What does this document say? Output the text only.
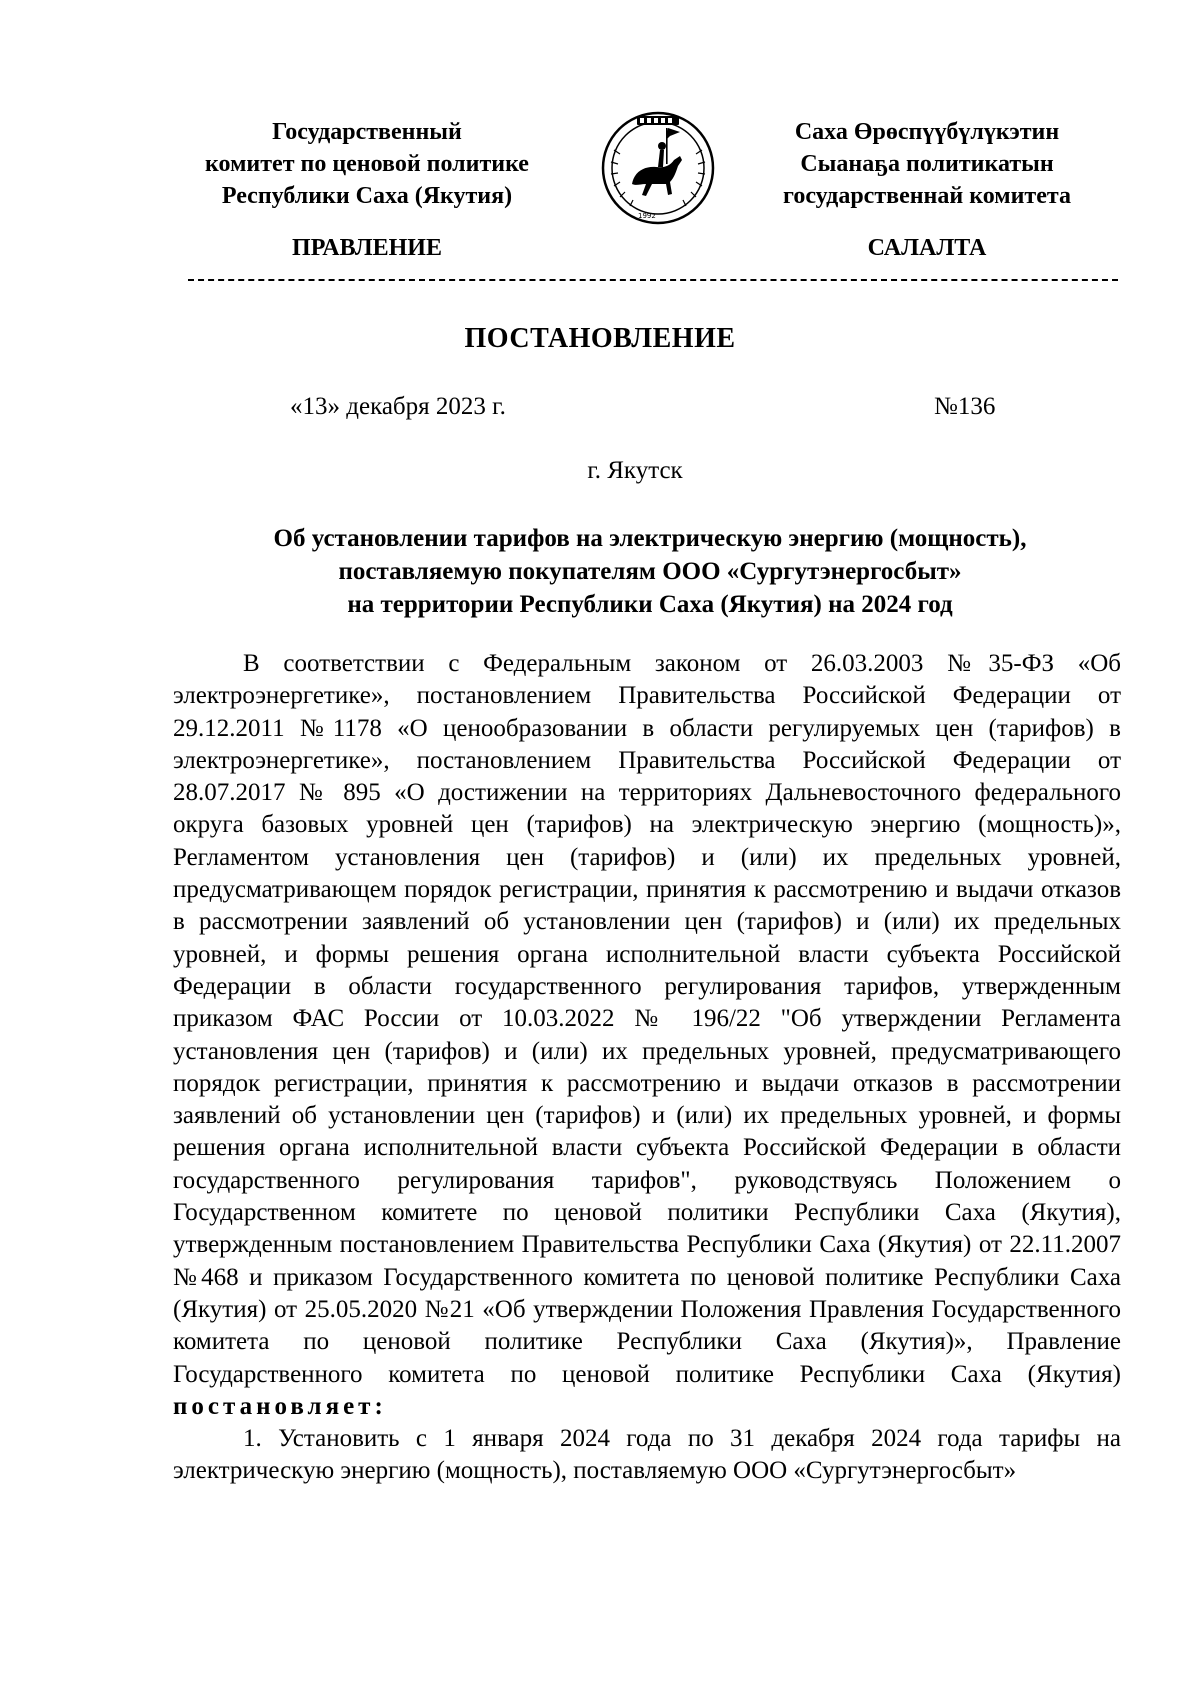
Государственный
комитет по ценовой политике
Республики Саха (Якутия)
1992
Саха Өрөспүүбүлүкэтин
Сыанаҕа политикатын
государственнай комитета
ПРАВЛЕНИЕ	САЛАЛТА
ПОСТАНОВЛЕНИЕ
«13» декабря 2023 г.	№136
г. Якутск
Об установлении тарифов на электрическую энергию (мощность),
поставляемую покупателям ООО «Сургутэнергосбыт»
на территории Республики Саха (Якутия) на 2024 год

В соответствии с Федеральным законом от 26.03.2003 №35-ФЗ «Об электроэнергетике», постановлением Правительства Российской Федерации от 29.12.2011 №1178 «О ценообразовании в области регулируемых цен (тарифов) в электроэнергетике», постановлением Правительства Российской Федерации от 28.07.2017 № 895 «О достижении на территориях Дальневосточного федерального округа базовых уровней цен (тарифов) на электрическую энергию (мощность)», Регламентом установления цен (тарифов) и (или) их предельных уровней, предусматривающем порядок регистрации, принятия к рассмотрению и выдачи отказов в рассмотрении заявлений об установлении цен (тарифов) и (или) их предельных уровней, и формы решения органа исполнительной власти субъекта Российской Федерации в области государственного регулирования тарифов, утвержденным приказом ФАС России от 10.03.2022 № 196/22 "Об утверждении Регламента установления цен (тарифов) и (или) их предельных уровней, предусматривающего порядок регистрации, принятия к рассмотрению и выдачи отказов в рассмотрении заявлений об установлении цен (тарифов) и (или) их предельных уровней, и формы решения органа исполнительной власти субъекта Российской Федерации в области государственного регулирования тарифов", руководствуясь Положением о Государственном комитете по ценовой политики Республики Саха (Якутия), утвержденным постановлением Правительства Республики Саха (Якутия) от 22.11.2007 №468 и приказом Государственного комитета по ценовой политике Республики Саха (Якутия) от 25.05.2020 №21 «Об утверждении Положения Правления Государственного комитета по ценовой политике Республики Саха (Якутия)», Правление Государственного комитета по ценовой политике Республики Саха (Якутия) постановляет:

1. Установить с 1 января 2024 года по 31 декабря 2024 года тарифы на электрическую энергию (мощность), поставляемую ООО «Сургутэнергосбыт»
